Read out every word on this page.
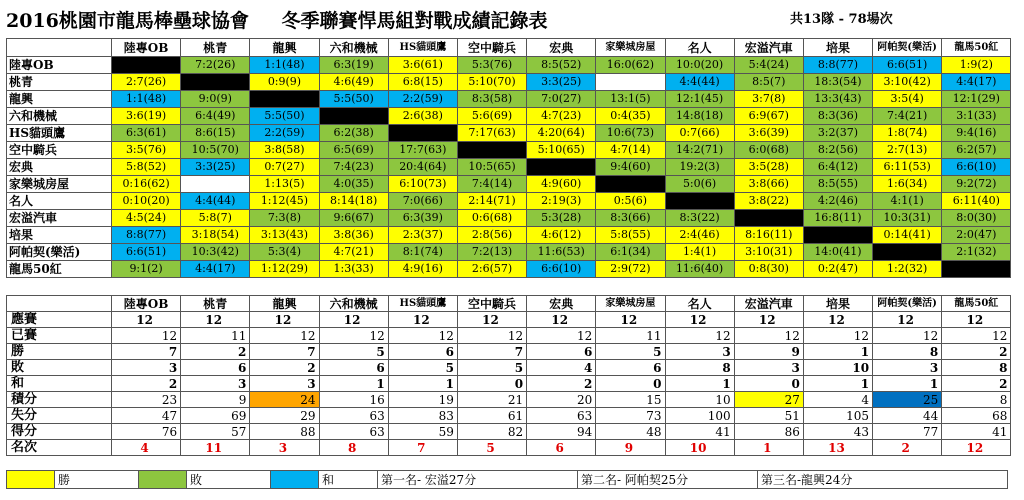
2016桃園市龍馬棒壘球協會 冬季聯賽悍馬組對戰成績記錄表	共13隊 - 78場次
	陸專OB	桃青	龍興	六和機械	HS貓頭鷹	空中騎兵	宏典	家樂城房屋	名人	宏溢汽車	培果	阿帕契(樂活)	龍馬50紅
陸專OB		7:2(26)	1:1(48)	6:3(19)	3:6(61)	5:3(76)	8:5(52)	16:0(62)	10:0(20)	5:4(24)	8:8(77)	6:6(51)	1:9(2)
桃青	2:7(26)		0:9(9)	4:6(49)	6:8(15)	5:10(70)	3:3(25)		4:4(44)	8:5(7)	18:3(54)	3:10(42)	4:4(17)
龍興	1:1(48)	9:0(9)		5:5(50)	2:2(59)	8:3(58)	7:0(27)	13:1(5)	12:1(45)	3:7(8)	13:3(43)	3:5(4)	12:1(29)
六和機械	3:6(19)	6:4(49)	5:5(50)		2:6(38)	5:6(69)	4:7(23)	0:4(35)	14:8(18)	6:9(67)	8:3(36)	7:4(21)	3:1(33)
HS貓頭鷹	6:3(61)	8:6(15)	2:2(59)	6:2(38)		7:17(63)	4:20(64)	10:6(73)	0:7(66)	3:6(39)	3:2(37)	1:8(74)	9:4(16)
空中騎兵	3:5(76)	10:5(70)	3:8(58)	6:5(69)	17:7(63)		5:10(65)	4:7(14)	14:2(71)	6:0(68)	8:2(56)	2:7(13)	6:2(57)
宏典	5:8(52)	3:3(25)	0:7(27)	7:4(23)	20:4(64)	10:5(65)		9:4(60)	19:2(3)	3:5(28)	6:4(12)	6:11(53)	6:6(10)
家樂城房屋	0:16(62)		1:13(5)	4:0(35)	6:10(73)	7:4(14)	4:9(60)		5:0(6)	3:8(66)	8:5(55)	1:6(34)	9:2(72)
名人	0:10(20)	4:4(44)	1:12(45)	8:14(18)	7:0(66)	2:14(71)	2:19(3)	0:5(6)		3:8(22)	4:2(46)	4:1(1)	6:11(40)
宏溢汽車	4:5(24)	5:8(7)	7:3(8)	9:6(67)	6:3(39)	0:6(68)	5:3(28)	8:3(66)	8:3(22)		16:8(11)	10:3(31)	8:0(30)
培果	8:8(77)	3:18(54)	3:13(43)	3:8(36)	2:3(37)	2:8(56)	4:6(12)	5:8(55)	2:4(46)	8:16(11)		0:14(41)	2:0(47)
阿帕契(樂活)	6:6(51)	10:3(42)	5:3(4)	4:7(21)	8:1(74)	7:2(13)	11:6(53)	6:1(34)	1:4(1)	3:10(31)	14:0(41)		2:1(32)
龍馬50紅	9:1(2)	4:4(17)	1:12(29)	1:3(33)	4:9(16)	2:6(57)	6:6(10)	2:9(72)	11:6(40)	0:8(30)	0:2(47)	1:2(32)	
	陸專OB	桃青	龍興	六和機械	HS貓頭鷹	空中騎兵	宏典	家樂城房屋	名人	宏溢汽車	培果	阿帕契(樂活)	龍馬50紅
應賽	12	12	12	12	12	12	12	12	12	12	12	12	12
已賽	12	11	12	12	12	12	12	11	12	12	12	12	12
勝	7	2	7	5	6	7	6	5	3	9	1	8	2
敗	3	6	2	6	5	5	4	6	8	3	10	3	8
和	2	3	3	1	1	0	2	0	1	0	1	1	2
積分	23	9	24	16	19	21	20	15	10	27	4	25	8
失分	47	69	29	63	83	61	63	73	100	51	105	44	68
得分	76	57	88	63	59	82	94	48	41	86	43	77	41
名次	4	11	3	8	7	5	6	9	10	1	13	2	12
	勝		敗		和	第一名- 宏溢27分	第二名- 阿帕契25分	第三名-龍興24分
